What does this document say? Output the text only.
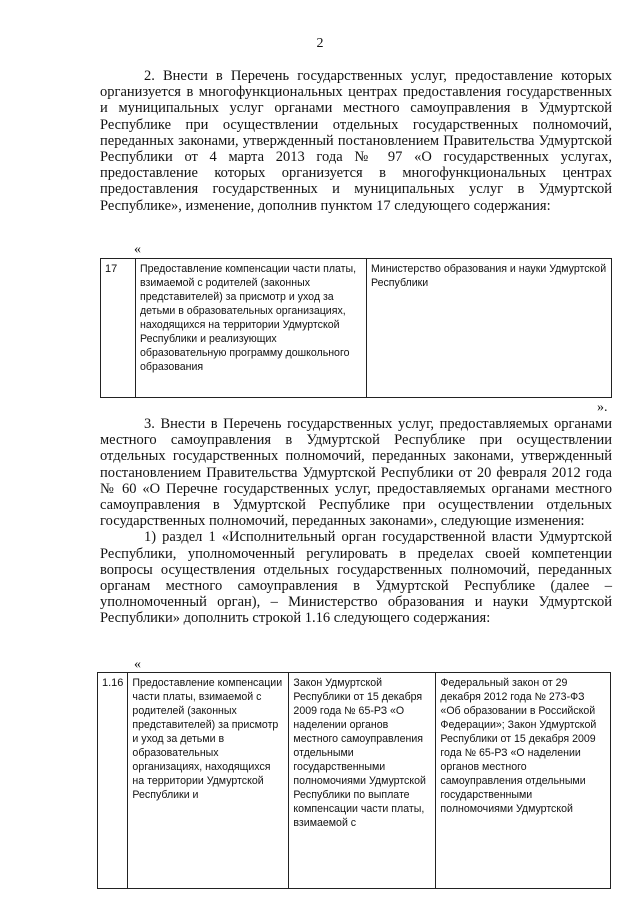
2

2. Внести в Перечень государственных услуг, предоставление которых организуется в многофункциональных центрах предоставления государственных и муниципальных услуг органами местного самоуправления в Удмуртской Республике при осуществлении отдельных государственных полномочий, переданных законами, утвержденный постановлением Правительства Удмуртской Республики от 4 марта 2013 года № 97 «О государственных услугах, предоставление которых организуется в многофункциональных центрах предоставления государственных и муниципальных услуг в Удмуртской Республике», изменение, дополнив пунктом 17 следующего содержания:

«
17	Предоставление компенсации части платы, взимаемой с родителей (законных представителей) за присмотр и уход за детьми в образовательных организациях, находящихся на территории Удмуртской Республики и реализующих образовательную программу дошкольного образования	Министерство образования и науки Удмуртской Республики
».

3. Внести в Перечень государственных услуг, предоставляемых органами местного самоуправления в Удмуртской Республике при осуществлении отдельных государственных полномочий, переданных законами, утвержденный постановлением Правительства Удмуртской Республики от 20 февраля 2012 года № 60 «О Перечне государственных услуг, предоставляемых органами местного самоуправления в Удмуртской Республике при осуществлении отдельных государственных полномочий, переданных законами», следующие изменения:

1) раздел 1 «Исполнительный орган государственной власти Удмуртской Республики, уполномоченный регулировать в пределах своей компетенции вопросы осуществления отдельных государственных полномочий, переданных органам местного самоуправления в Удмуртской Республике (далее – уполномоченный орган), – Министерство образования и науки Удмуртской Республики» дополнить строкой 1.16 следующего содержания:

«
1.16	Предоставление компенсации части платы, взимаемой с родителей (законных представителей) за присмотр и уход за детьми в образовательных организациях, находящихся на территории Удмуртской Республики и	Закон Удмуртской Республики от 15 декабря 2009 года № 65-РЗ «О наделении органов местного самоуправления отдельными государственными полномочиями Удмуртской Республики по выплате компенсации части платы, взимаемой с	Федеральный закон от 29 декабря 2012 года № 273-ФЗ «Об образовании в Российской Федерации»; Закон Удмуртской Республики от 15 декабря 2009 года № 65-РЗ «О наделении органов местного самоуправления отдельными государственными полномочиями Удмуртской
